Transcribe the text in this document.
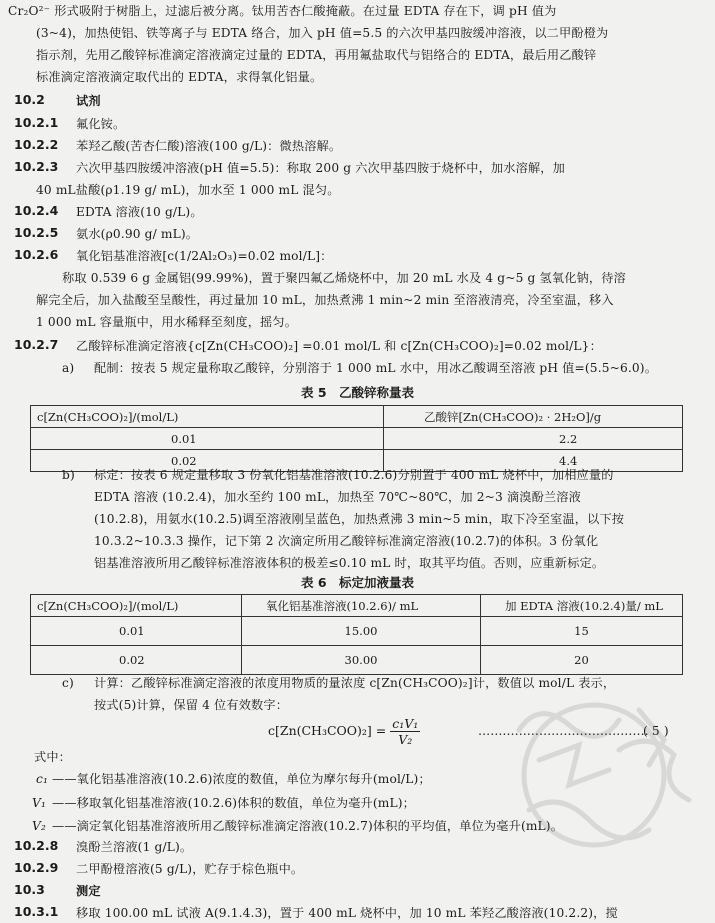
Cr₂O²⁻ 形式吸附于树脂上，过滤后被分离。钛用苦杏仁酸掩蔽。在过量 EDTA 存在下，调 pH 值为
(3~4)，加热使铝、铁等离子与 EDTA 络合，加入 pH 值=5.5 的六次甲基四胺缓冲溶液，以二甲酚橙为
指示剂，先用乙酸锌标准滴定溶液滴定过量的 EDTA，再用氟盐取代与铝络合的 EDTA，最后用乙酸锌
标准滴定溶液滴定取代出的 EDTA，求得氧化铝量。
10.2	试剂
10.2.1 氟化铵。
10.2.2 苯羟乙酸(苦杏仁酸)溶液(100 g/L)：微热溶解。
10.2.3 六次甲基四胺缓冲溶液(pH 值=5.5)：称取 200 g 六次甲基四胺于烧杯中，加水溶解，加
40 mL盐酸(ρ1.19 g/ mL)，加水至 1 000 mL 混匀。
10.2.4 EDTA 溶液(10 g/L)。
10.2.5 氨水(ρ0.90 g/ mL)。
10.2.6 氧化铝基准溶液[c(1/2Al₂O₃)=0.02 mol/L]：
称取 0.539 6 g 金属铝(99.99%)，置于聚四氟乙烯烧杯中，加 20 mL 水及 4 g~5 g 氢氧化钠，待溶
解完全后，加入盐酸至呈酸性，再过量加 10 mL，加热煮沸 1 min~2 min 至溶液清亮，冷至室温，移入
1 000 mL 容量瓶中，用水稀释至刻度，摇匀。
10.2.7 乙酸锌标准滴定溶液{c[Zn(CH₃COO)₂] =0.01 mol/L 和 c[Zn(CH₃COO)₂]=0.02 mol/L}：
a) 配制：按表 5 规定量称取乙酸锌，分别溶于 1 000 mL 水中，用冰乙酸调至溶液 pH 值=(5.5~6.0)。
表 5　乙酸锌称量表
c[Zn(CH₃COO)₂]/(mol/L)	乙酸锌[Zn(CH₃COO)₂ · 2H₂O]/g
0.01	2.2
0.02	4.4
b) 标定：按表 6 规定量移取 3 份氧化铝基准溶液(10.2.6)分别置于 400 mL 烧杯中，加相应量的
EDTA 溶液 (10.2.4)，加水至约 100 mL，加热至 70℃~80℃，加 2~3 滴溴酚兰溶液
(10.2.8)，用氨水(10.2.5)调至溶液刚呈蓝色，加热煮沸 3 min~5 min，取下冷至室温，以下按
10.3.2~10.3.3 操作，记下第 2 次滴定所用乙酸锌标准滴定溶液(10.2.7)的体积。3 份氧化
铝基准溶液所用乙酸锌标准溶液体积的极差≤0.10 mL 时，取其平均值。否则，应重新标定。
表 6　标定加液量表
c[Zn(CH₃COO)₂]/(mol/L)	氧化铝基准溶液(10.2.6)/ mL	加 EDTA 溶液(10.2.4)量/ mL
0.01	15.00	15
0.02	30.00	20
c) 计算：乙酸锌标准滴定溶液的浓度用物质的量浓度 c[Zn(CH₃COO)₂]计，数值以 mol/L 表示，
按式(5)计算，保留 4 位有效数字：
$c[Zn(CH_3COO)_2] = \frac{\text{c₁V₁}}{\text{V₂}}$	……………………………………
( 5 )
式中：
c₁ ——氧化铝基准溶液(10.2.6)浓度的数值，单位为摩尔每升(mol/L)；
V₁ ——移取氧化铝基准溶液(10.2.6)体积的数值，单位为毫升(mL)；
V₂ ——滴定氧化铝基准溶液所用乙酸锌标准滴定溶液(10.2.7)体积的平均值，单位为毫升(mL)。
10.2.8 溴酚兰溶液(1 g/L)。
10.2.9 二甲酚橙溶液(5 g/L)，贮存于棕色瓶中。
10.3	测定
10.3.1 移取 100.00 mL 试液 A(9.1.4.3)，置于 400 mL 烧杯中，加 10 mL 苯羟乙酸溶液(10.2.2)，搅
